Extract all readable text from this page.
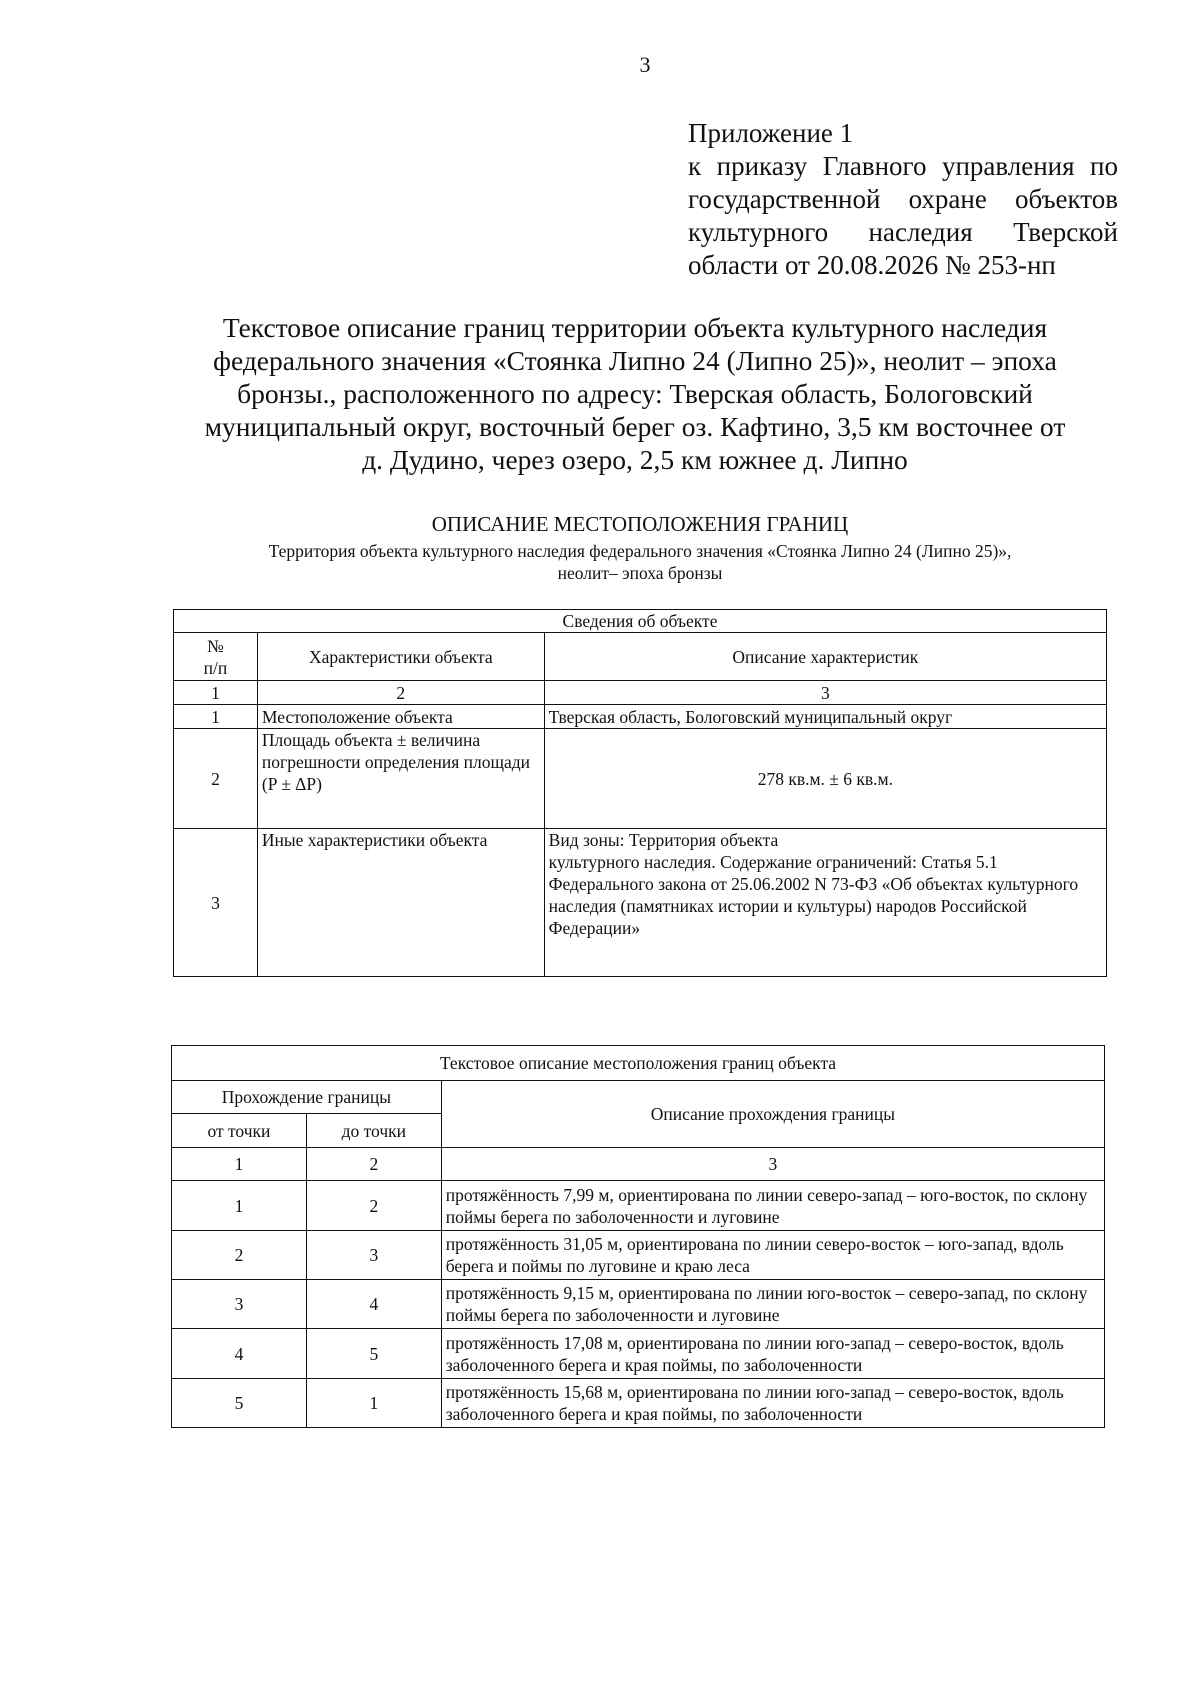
3
Приложение 1
к приказу Главного управления по
государственной охране объектов
культурного наследия Тверской
области от 20.08.2026 № 253-нп
Текстовое описание границ территории объекта культурного наследия
федерального значения «Стоянка Липно 24 (Липно 25)», неолит – эпоха
бронзы., расположенного по адресу: Тверская область, Бологовский
муниципальный округ, восточный берег оз. Кафтино, 3,5 км восточнее от
д. Дудино, через озеро, 2,5 км южнее д. Липно
ОПИСАНИЕ МЕСТОПОЛОЖЕНИЯ ГРАНИЦ
Территория объекта культурного наследия федерального значения «Стоянка Липно 24 (Липно 25)»,
неолит– эпоха бронзы
Сведения об объекте		

№
п/п	Характеристики объекта	Описание характеристик
1	2	3
1	Местоположение объекта	Тверская область, Бологовский муниципальный округ
2	Площадь объекта ± величина погрешности определения площади (P ± ΔP)	278 кв.м. ± 6 кв.м.
3	Иные характеристики объекта	Вид зоны: Территория объекта
культурного наследия. Содержание ограничений: Статья 5.1 Федерального закона от 25.06.2002 N 73-ФЗ «Об объектах культурного наследия (памятниках истории и культуры) народов Российской Федерации»
Текстовое описание местоположения границ объекта		
Прохождение границы		Описание прохождения границы
от точки	до точки	
1	2	3
1	2	протяжённость 7,99 м, ориентирована по линии северо-запад – юго-восток, по склону поймы берега по заболоченности и луговине
2	3	протяжённость 31,05 м, ориентирована по линии северо-восток – юго-запад, вдоль берега и поймы по луговине и краю леса
3	4	протяжённость 9,15 м, ориентирована по линии юго-восток – северо-запад, по склону поймы берега по заболоченности и луговине
4	5	протяжённость 17,08 м, ориентирована по линии юго-запад – северо-восток, вдоль заболоченного берега и края поймы, по заболоченности
5	1	протяжённость 15,68 м, ориентирована по линии юго-запад – северо-восток, вдоль заболоченного берега и края поймы, по заболоченности
